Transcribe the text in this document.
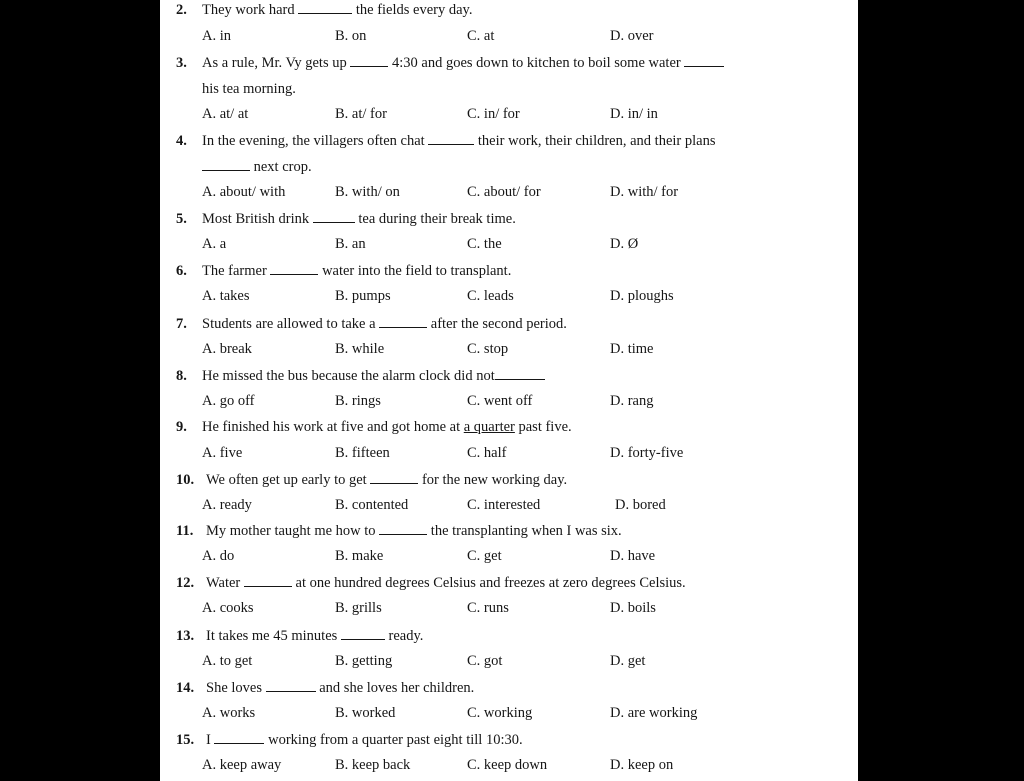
2. They work hard	the fields every day.
A. in	B. on	C. at	D. over
3. As a rule, Mr. Vy gets up	4:30 and goes down to kitchen to boil some water
his tea morning.
A. at/ at	B. at/ for	C. in/ for	D. in/ in
4. In the evening, the villagers often chat	their work, their children, and their plans
next crop.
A. about/ with	B. with/ on	C. about/ for	D. with/ for
5. Most British drink	tea during their break time.
A. a	B. an	C. the	D. Ø
6. The farmer	water into the field to transplant.
A. takes	B. pumps	C. leads	D. ploughs
7. Students are allowed to take a	after the second period.
A. break	B. while	C. stop	D. time
8. He missed the bus because the alarm clock did not
A. go off	B. rings	C. went off	D. rang
9. He finished his work at five and got home at a quarter past five.
A. five	B. fifteen	C. half	D. forty-five
10. We often get up early to get	for the new working day.
A. ready	B. contented	C. interested	D. bored
11. My mother taught me how to	the transplanting when I was six.
A. do	B. make	C. get	D. have
12. Water	at one hundred degrees Celsius and freezes at zero degrees Celsius.
A. cooks	B. grills	C. runs	D. boils
13. It takes me 45 minutes	ready.
A. to get	B. getting	C. got	D. get
14. She loves	and she loves her children.
A. works	B. worked	C. working	D. are working
15. I	working from a quarter past eight till 10:30.
A. keep away	B. keep back	C. keep down	D. keep on
